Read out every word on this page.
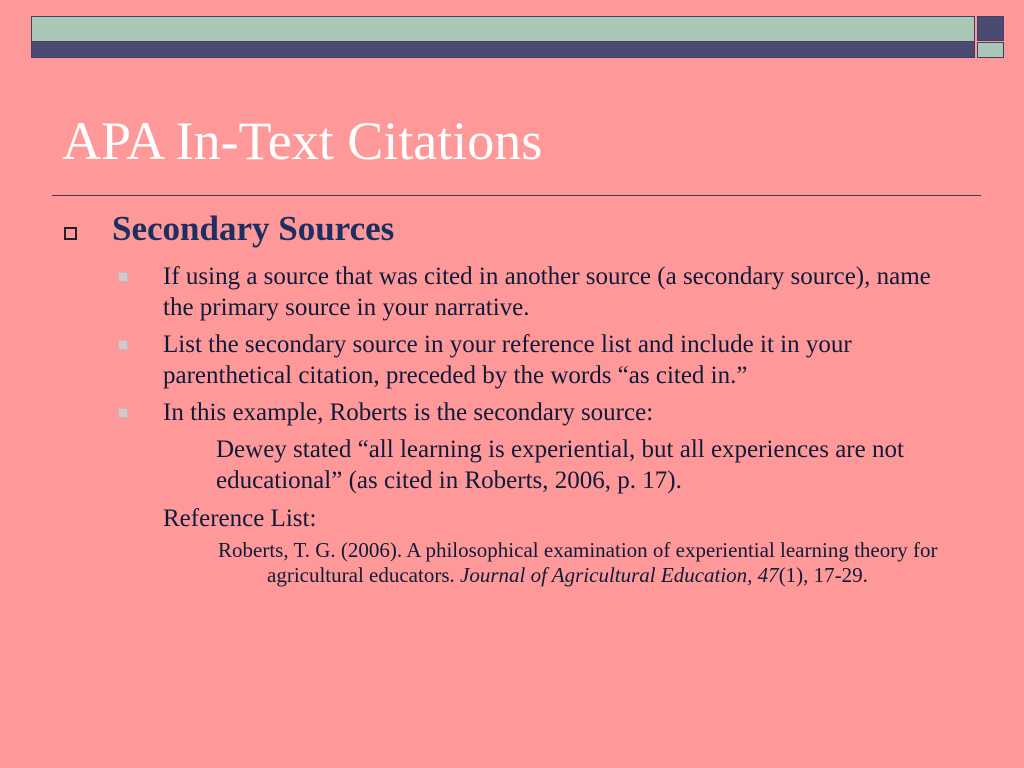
APA In-Text Citations
Secondary Sources
If using a source that was cited in another source (a secondary source), name the primary source in your narrative.
List the secondary source in your reference list and include it in your parenthetical citation, preceded by the words “as cited in.”
In this example, Roberts is the secondary source:
Dewey stated “all learning is experiential, but all experiences are not educational” (as cited in Roberts, 2006, p. 17).
Reference List:
Roberts, T. G. (2006). A philosophical examination of experiential learning theory for agricultural educators. Journal of Agricultural Education, 47(1), 17-29.
